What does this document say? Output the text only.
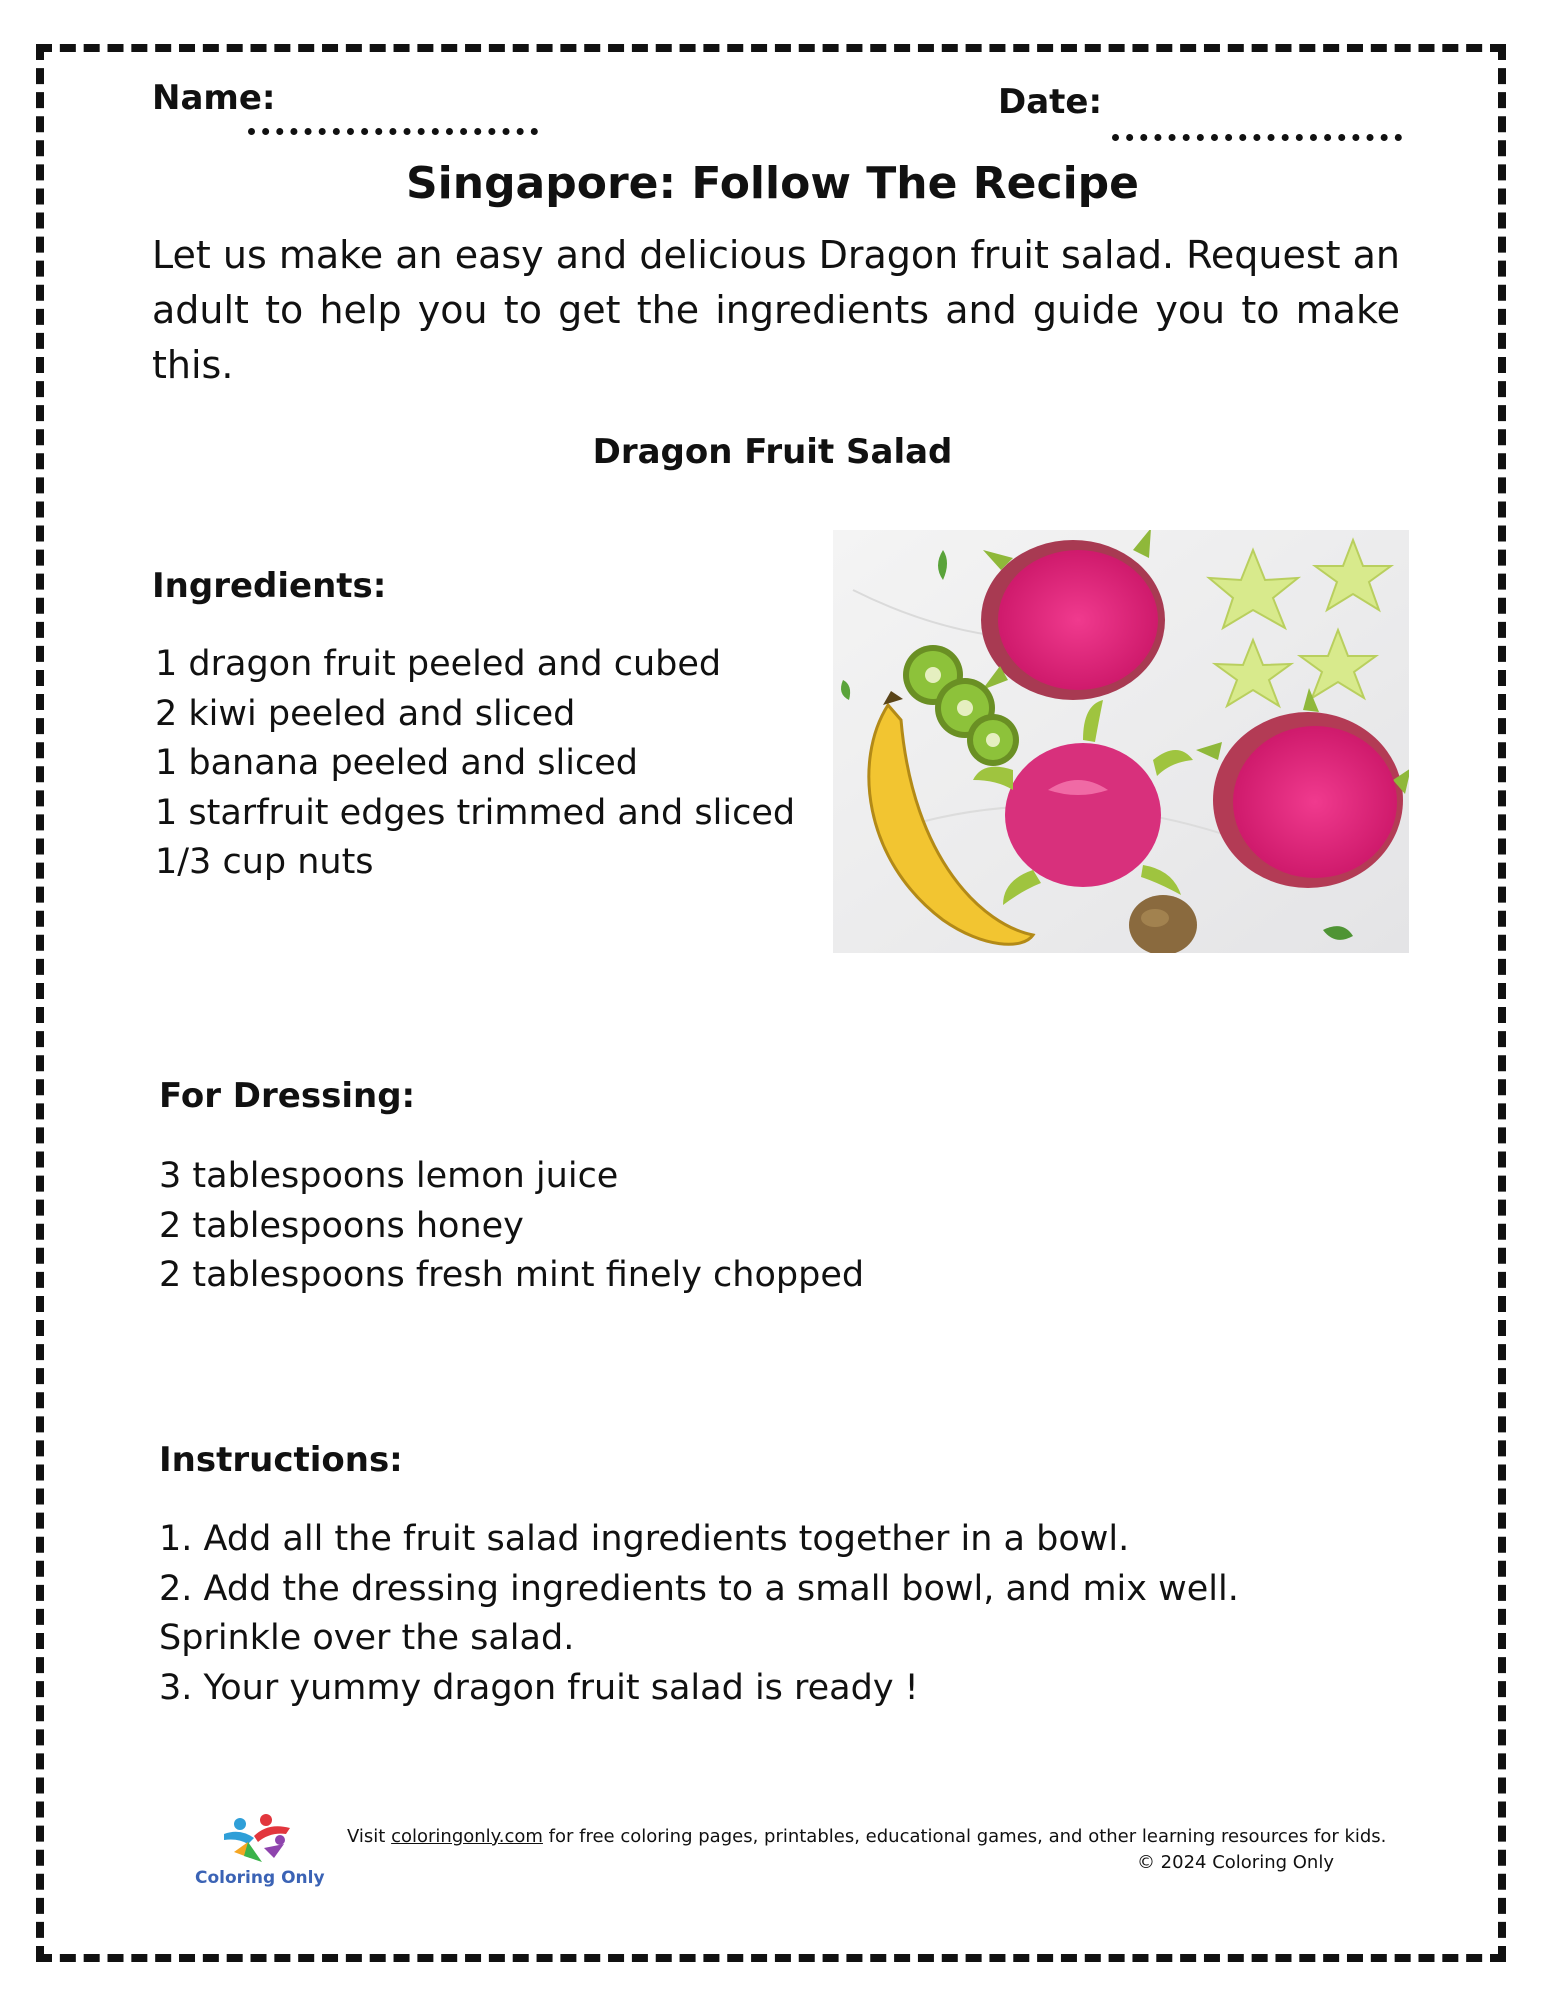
Name:	Date:
Singapore: Follow The Recipe
Let us make an easy and delicious Dragon fruit salad. Request an adult to help you to get the ingredients and guide you to make this.
Dragon Fruit Salad
Ingredients:
1 dragon fruit peeled and cubed
2 kiwi peeled and sliced
1 banana peeled and sliced
1 starfruit edges trimmed and sliced
1/3 cup nuts
For Dressing:
3 tablespoons lemon juice
2 tablespoons honey
2 tablespoons fresh mint finely chopped
Instructions:
1. Add all the fruit salad ingredients together in a bowl.
2. Add the dressing ingredients to a small bowl, and mix well.
Sprinkle over the salad.
3. Your yummy dragon fruit salad is ready !
Coloring Only
Visit coloringonly.com for free coloring pages, printables, educational games, and other learning resources for kids.
© 2024 Coloring Only
